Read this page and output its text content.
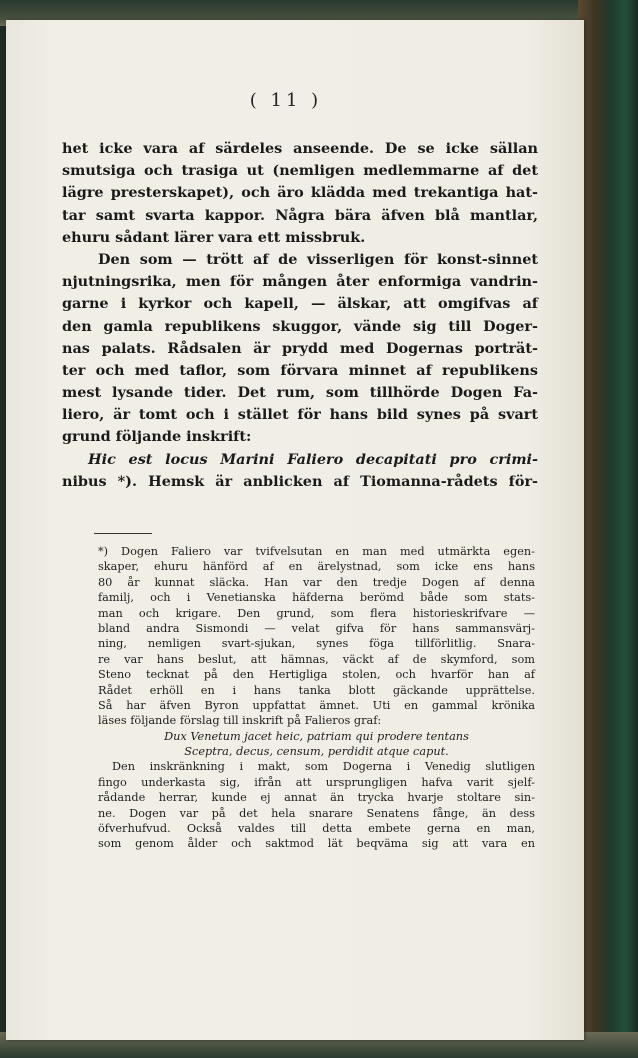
( 11 )
het icke vara af särdeles anseende. De se icke sällan
smutsiga och trasiga ut (nemligen medlemmarne af det
lägre presterskapet), och äro klädda med trekantiga hat-
tar samt svarta kappor. Några bära äfven blå mantlar,
ehuru sådant lärer vara ett missbruk.
Den som — trött af de visserligen för konst-sinnet
njutningsrika, men för mången åter enformiga vandrin-
garne i kyrkor och kapell, — älskar, att omgifvas af
den gamla republikens skuggor, vände sig till Doger-
nas palats. Rådsalen är prydd med Dogernas porträt-
ter och med taflor, som förvara minnet af republikens
mest lysande tider. Det rum, som tillhörde Dogen Fa-
liero, är tomt och i stället för hans bild synes på svart
grund följande inskrift:
Hic est locus Marini Faliero decapitati pro crimi-
nibus *). Hemsk är anblicken af Tiomanna-rådets för-
*) Dogen Faliero var tvifvelsutan en man med utmärkta egen-
skaper, ehuru hänförd af en ärelystnad, som icke ens hans
80 år kunnat släcka. Han var den tredje Dogen af denna
familj, och i Venetianska häfderna berömd både som stats-
man och krigare. Den grund, som flera historieskrifvare —
bland andra Sismondi — velat gifva för hans sammansvärj-
ning, nemligen svart-sjukan, synes föga tillförlitlig. Snara-
re var hans beslut, att hämnas, väckt af de skymford, som
Steno tecknat på den Hertigliga stolen, och hvarför han af
Rådet erhöll en i hans tanka blott gäckande upprättelse.
Så har äfven Byron uppfattat ämnet. Uti en gammal krönika
läses följande förslag till inskrift på Falieros graf:
Dux Venetum jacet heic, patriam qui prodere tentans
Sceptra, decus, censum, perdidit atque caput.
Den inskränkning i makt, som Dogerna i Venedig slutligen
fingo underkasta sig, ifrån att ursprungligen hafva varit sjelf-
rådande herrar, kunde ej annat än trycka hvarje stoltare sin-
ne. Dogen var på det hela snarare Senatens fånge, än dess
öfverhufvud. Också valdes till detta embete gerna en man,
som genom ålder och saktmod lät beqväma sig att vara en
